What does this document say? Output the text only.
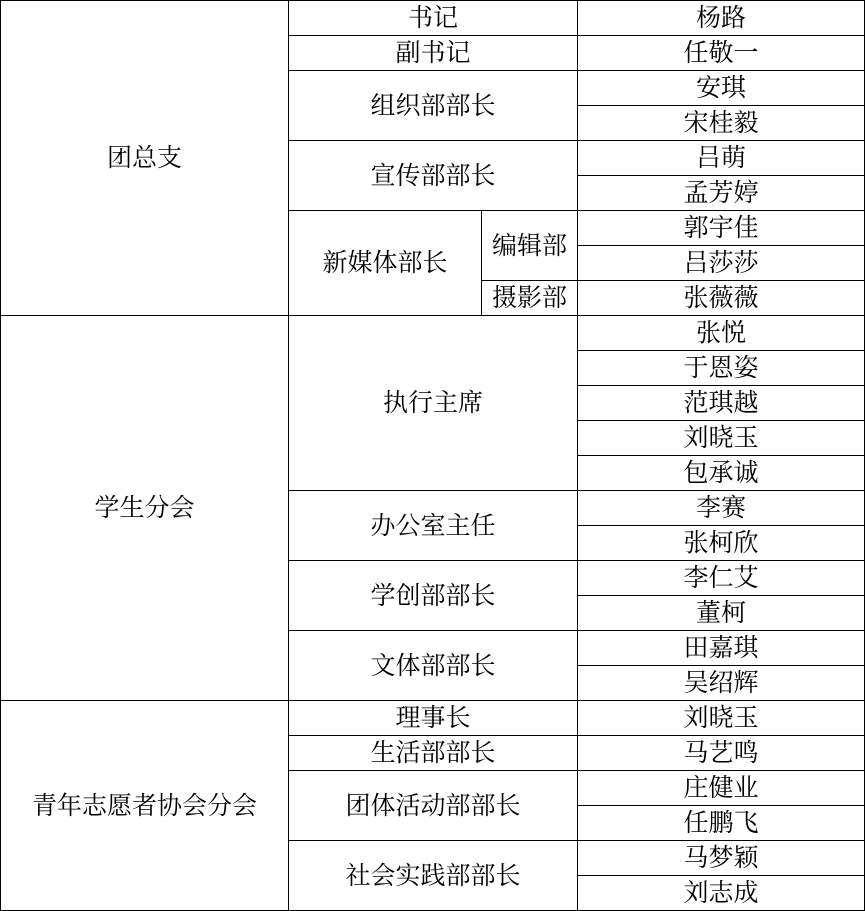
团总支	书记		杨路
	副书记		任敬一
	组织部部长		安琪
			宋桂毅
	宣传部部长		吕萌
			孟芳婷
	新媒体部长	编辑部	郭宇佳
			吕莎莎
		摄影部	张薇薇
学生分会	执行主席		张悦
			于恩姿
			范琪越
			刘晓玉
			包承诚
	办公室主任		李赛
			张柯欣
	学创部部长		李仁艾
			董柯
	文体部部长		田嘉琪
			吴绍辉
青年志愿者协会分会	理事长		刘晓玉
	生活部部长		马艺鸣
	团体活动部部长		庄健业
			任鹏飞
	社会实践部部长		马梦颖
			刘志成
